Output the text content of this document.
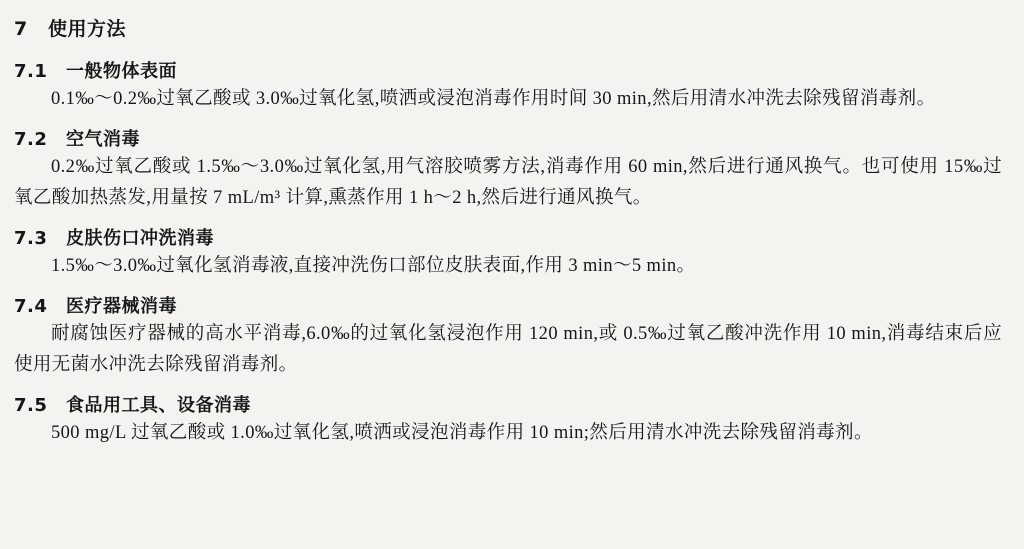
7	使用方法
7.1	一般物体表面

0.1‰～0.2‰过氧乙酸或 3.0‰过氧化氢,喷洒或浸泡消毒作用时间 30 min,然后用清水冲洗去除残留消毒剂。

7.2	空气消毒

0.2‰过氧乙酸或 1.5‰～3.0‰过氧化氢,用气溶胶喷雾方法,消毒作用 60 min,然后进行通风换气。也可使用 15‰过氧乙酸加热蒸发,用量按 7 mL/m³ 计算,熏蒸作用 1 h～2 h,然后进行通风换气。

7.3	皮肤伤口冲洗消毒

1.5‰～3.0‰过氧化氢消毒液,直接冲洗伤口部位皮肤表面,作用 3 min～5 min。

7.4	医疗器械消毒

耐腐蚀医疗器械的高水平消毒,6.0‰的过氧化氢浸泡作用 120 min,或 0.5‰过氧乙酸冲洗作用 10 min,消毒结束后应使用无菌水冲洗去除残留消毒剂。

7.5	食品用工具、设备消毒

500 mg/L 过氧乙酸或 1.0‰过氧化氢,喷洒或浸泡消毒作用 10 min;然后用清水冲洗去除残留消毒剂。
